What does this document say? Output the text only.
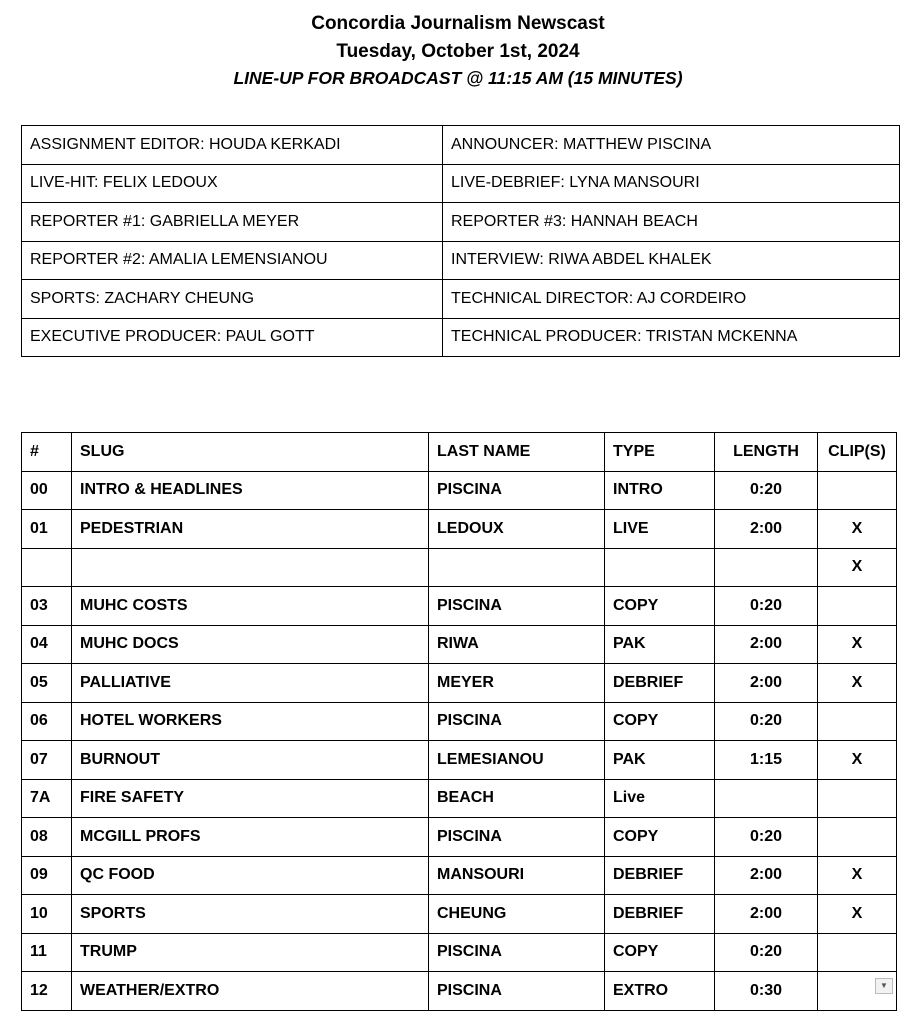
Concordia Journalism Newscast
Tuesday, October 1st, 2024
LINE-UP FOR BROADCAST @ 11:15 AM (15 MINUTES)
ASSIGNMENT EDITOR: HOUDA KERKADI	ANNOUNCER: MATTHEW PISCINA
LIVE-HIT: FELIX LEDOUX	LIVE-DEBRIEF: LYNA MANSOURI
REPORTER #1: GABRIELLA MEYER	REPORTER #3: HANNAH BEACH
REPORTER #2: AMALIA LEMENSIANOU	INTERVIEW: RIWA ABDEL KHALEK
SPORTS: ZACHARY CHEUNG	TECHNICAL DIRECTOR: AJ CORDEIRO
EXECUTIVE PRODUCER: PAUL GOTT	TECHNICAL PRODUCER: TRISTAN MCKENNA
#	SLUG	LAST NAME	TYPE	LENGTH	CLIP(S)
00	INTRO & HEADLINES	PISCINA	INTRO	0:20	
01	PEDESTRIAN	LEDOUX	LIVE	2:00	X
					X
03	MUHC COSTS	PISCINA	COPY	0:20	
04	MUHC DOCS	RIWA	PAK	2:00	X
05	PALLIATIVE	MEYER	DEBRIEF	2:00	X
06	HOTEL WORKERS	PISCINA	COPY	0:20	
07	BURNOUT	LEMESIANOU	PAK	1:15	X
7A	FIRE SAFETY	BEACH	Live		
08	MCGILL PROFS	PISCINA	COPY	0:20	
09	QC FOOD	MANSOURI	DEBRIEF	2:00	X
10	SPORTS	CHEUNG	DEBRIEF	2:00	X
11	TRUMP	PISCINA	COPY	0:20	
12	WEATHER/EXTRO	PISCINA	EXTRO	0:30	▼
